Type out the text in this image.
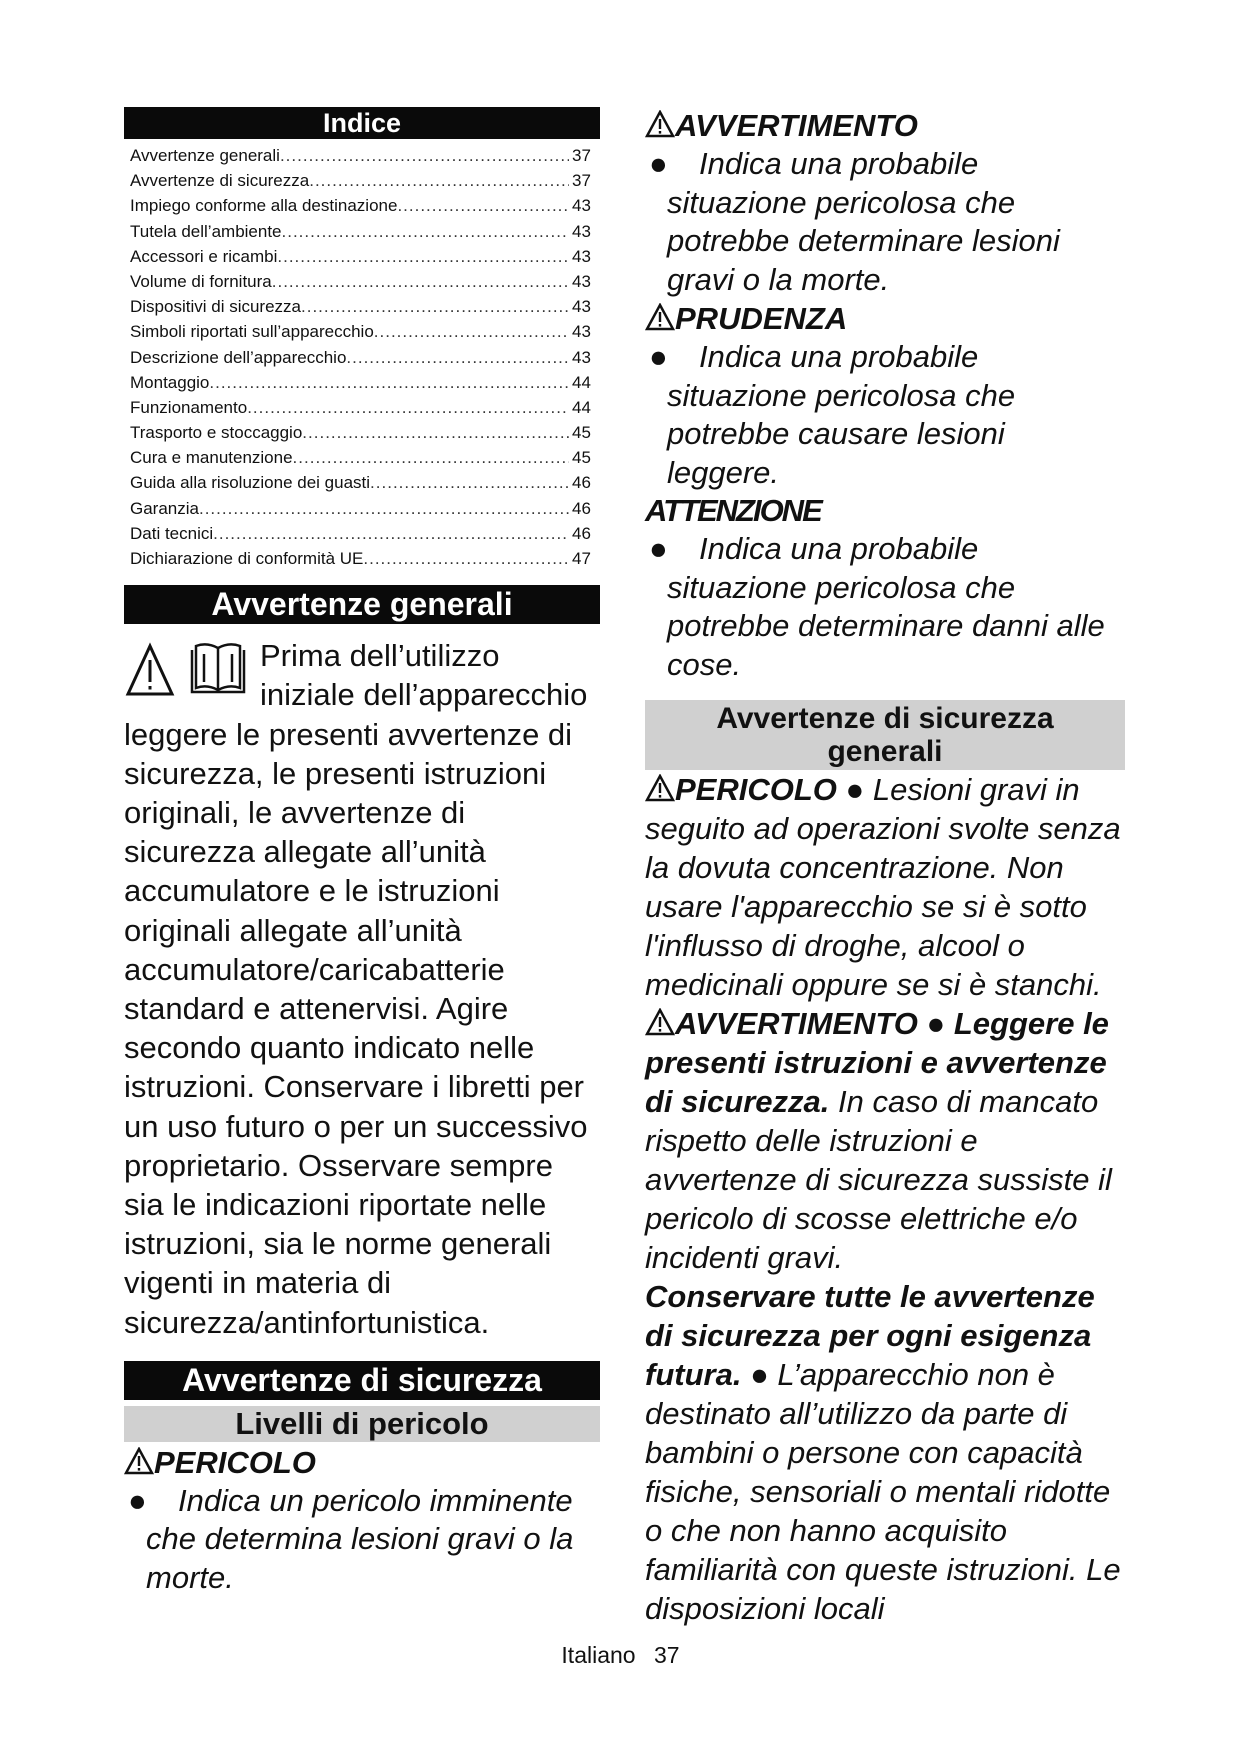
Indice
Avvertenze generali .....	37
Avvertenze di sicurezza .....	37
Impiego conforme alla destinazione .....	43
Tutela dell’ambiente .....	43
Accessori e ricambi .....	43
Volume di fornitura .....	43
Dispositivi di sicurezza .....	43
Simboli riportati sull’apparecchio .....	43
Descrizione dell’apparecchio .....	43
Montaggio .....	44
Funzionamento .....	44
Trasporto e stoccaggio .....	45
Cura e manutenzione .....	45
Guida alla risoluzione dei guasti .....	46
Garanzia .....	46
Dati tecnici .....	46
Dichiarazione di conformità UE .....	47
Avvertenze generali

Prima dell’utilizzo iniziale dell’apparecchio leggere le presenti avvertenze di sicurezza, le presenti istruzioni originali, le avvertenze di sicurezza allegate all’unità accumulatore e le istruzioni originali allegate all’unità accumulatore/caricabatterie standard e attenervisi. Agire secondo quanto indicato nelle istruzioni. Conservare i libretti per un uso futuro o per un successivo proprietario. Osservare sempre sia le indicazioni riportate nelle istruzioni, sia le norme generali vigenti in materia di sicurezza/antinfortunistica.

Avvertenze di sicurezza
Livelli di pericolo
PERICOLO
●	Indica un pericolo imminente che determina lesioni gravi o la morte.
AVVERTIMENTO
●	Indica una probabile situazione pericolosa che potrebbe determinare lesioni gravi o la morte.
PRUDENZA
●	Indica una probabile situazione pericolosa che potrebbe causare lesioni leggere.
ATTENZIONE
●	Indica una probabile situazione pericolosa che potrebbe determinare danni alle cose.
Avvertenze di sicurezza
generali

PERICOLO ● Lesioni gravi in seguito ad operazioni svolte senza la dovuta concentrazione. Non usare l'apparecchio se si è sotto l'influsso di droghe, alcool o medicinali oppure se si è stanchi.
AVVERTIMENTO ● Leggere le presenti istruzioni e avvertenze di sicurezza. In caso di mancato rispetto delle istruzioni e avvertenze di sicurezza sussiste il pericolo di scosse elettriche e/o incidenti gravi.
Conservare tutte le avvertenze di sicurezza per ogni esigenza futura. ● L’apparecchio non è destinato all’utilizzo da parte di bambini o persone con capacità fisiche, sensoriali o mentali ridotte o che non hanno acquisito familiarità con queste istruzioni. Le disposizioni locali

Italiano 37
